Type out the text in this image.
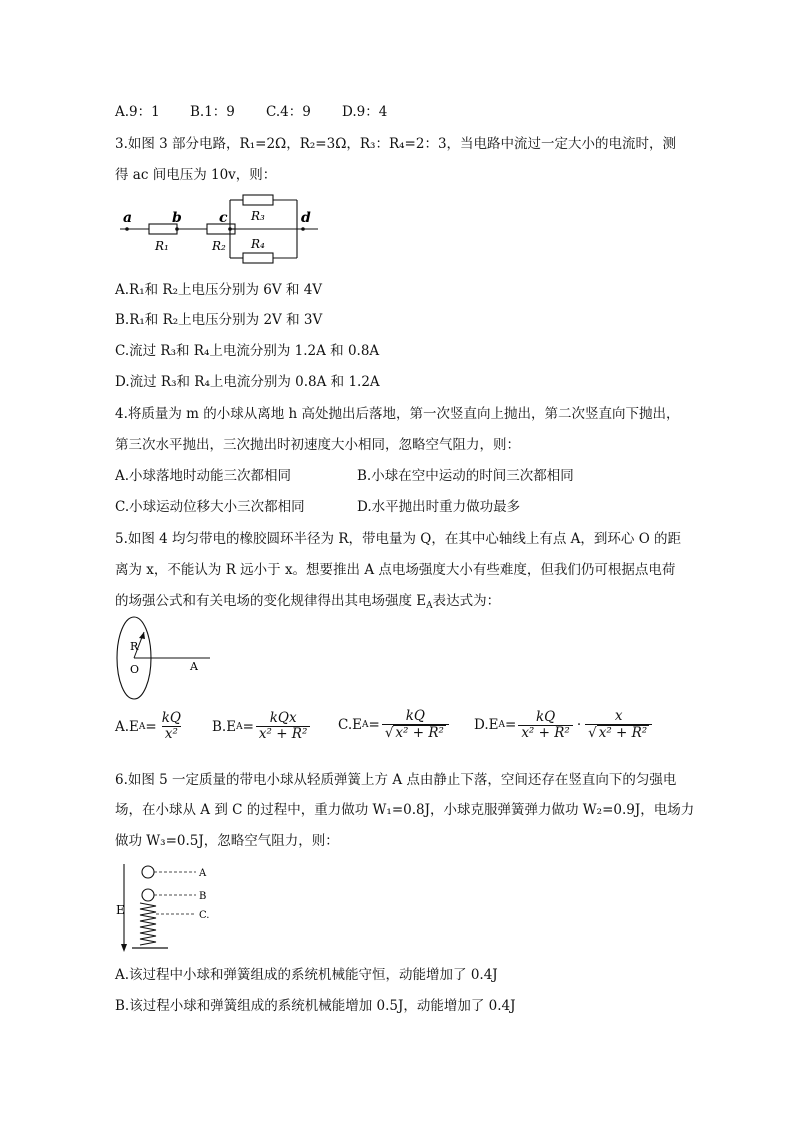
A.9：1 B.1：9 C.4：9 D.9：4
3.如图 3 部分电路，R₁=2Ω，R₂=3Ω，R₃：R₄=2：3，当电路中流过一定大小的电流时，测
得 ac 间电压为 10v，则：
a	b	c	d
R₁	R₂
R₃
R₄
A.R₁和 R₂上电压分别为 6V 和 4V
B.R₁和 R₂上电压分别为 2V 和 3V
C.流过 R₃和 R₄上电流分别为 1.2A 和 0.8A
D.流过 R₃和 R₄上电流分别为 0.8A 和 1.2A
4.将质量为 m 的小球从离地 h 高处抛出后落地，第一次竖直向上抛出，第二次竖直向下抛出，
第三次水平抛出，三次抛出时初速度大小相同，忽略空气阻力，则：
A.小球落地时动能三次都相同	B.小球在空中运动的时间三次都相同
C.小球运动位移大小三次都相同	D.水平抛出时重力做功最多
5.如图 4 均匀带电的橡胶圆环半径为 R，带电量为 Q，在其中心轴线上有点 A，到环心 O 的距
离为 x，不能认为 R 远小于 x。想要推出 A 点电场强度大小有些难度，但我们仍可根据点电荷
的场强公式和有关电场的变化规律得出其电场强度 $E_A$表达式为：
R
O	A
A.E $A = \frac{kQ}{\text{x²}} B.E$ $A = \frac{\text{kQx}}{\text{x² + R²}} C.E$ $A = \frac{kQ}{\text{√ x² + R²}} D.E$ $A = \frac{kQ}{\text{x² + R²}} \cdot \frac{x}{\text{√ x² + R²}}$
6.如图 5 一定质量的带电小球从轻质弹簧上方 A 点由静止下落，空间还存在竖直向下的匀强电
场，在小球从 A 到 C 的过程中，重力做功 W₁=0.8J，小球克服弹簧弹力做功 W₂=0.9J，电场力
做功 W₃=0.5J，忽略空气阻力，则：
E
A
B
C.
A.该过程中小球和弹簧组成的系统机械能守恒，动能增加了 0.4J
B.该过程小球和弹簧组成的系统机械能增加 0.5J，动能增加了 0.4J
